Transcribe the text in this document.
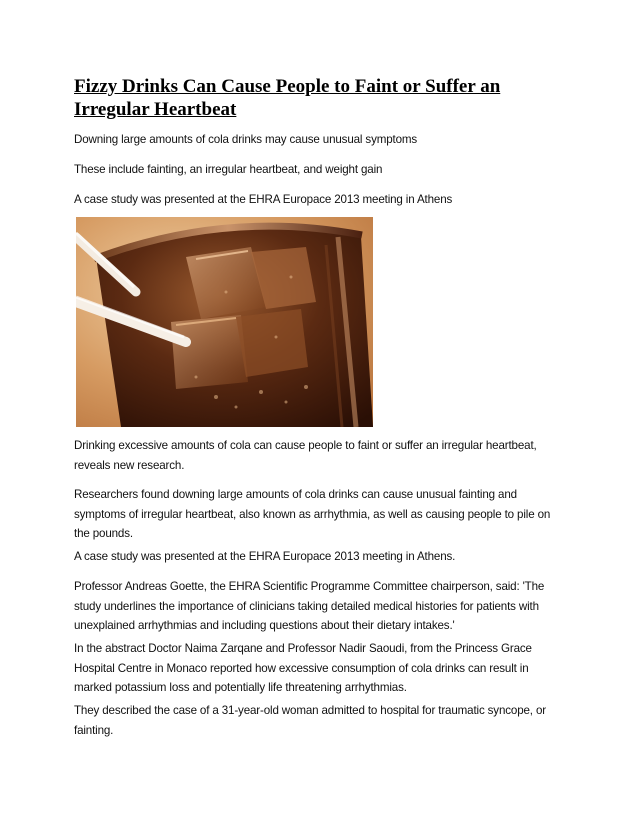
Fizzy Drinks Can Cause People to Faint or Suffer an
Irregular Heartbeat

Downing large amounts of cola drinks may cause unusual symptoms

These include fainting, an irregular heartbeat, and weight gain

A case study was presented at the EHRA Europace 2013 meeting in Athens

Drinking excessive amounts of cola can cause people to faint or suffer an irregular heartbeat,
reveals new research.

Researchers found downing large amounts of cola drinks can cause unusual fainting and
symptoms of irregular heartbeat, also known as arrhythmia, as well as causing people to pile on
the pounds.

A case study was presented at the EHRA Europace 2013 meeting in Athens.

Professor Andreas Goette, the EHRA Scientific Programme Committee chairperson, said: 'The
study underlines the importance of clinicians taking detailed medical histories for patients with
unexplained arrhythmias and including questions about their dietary intakes.'

In the abstract Doctor Naima Zarqane and Professor Nadir Saoudi, from the Princess Grace
Hospital Centre in Monaco reported how excessive consumption of cola drinks can result in
marked potassium loss and potentially life threatening arrhythmias.

They described the case of a 31-year-old woman admitted to hospital for traumatic syncope, or
fainting.
